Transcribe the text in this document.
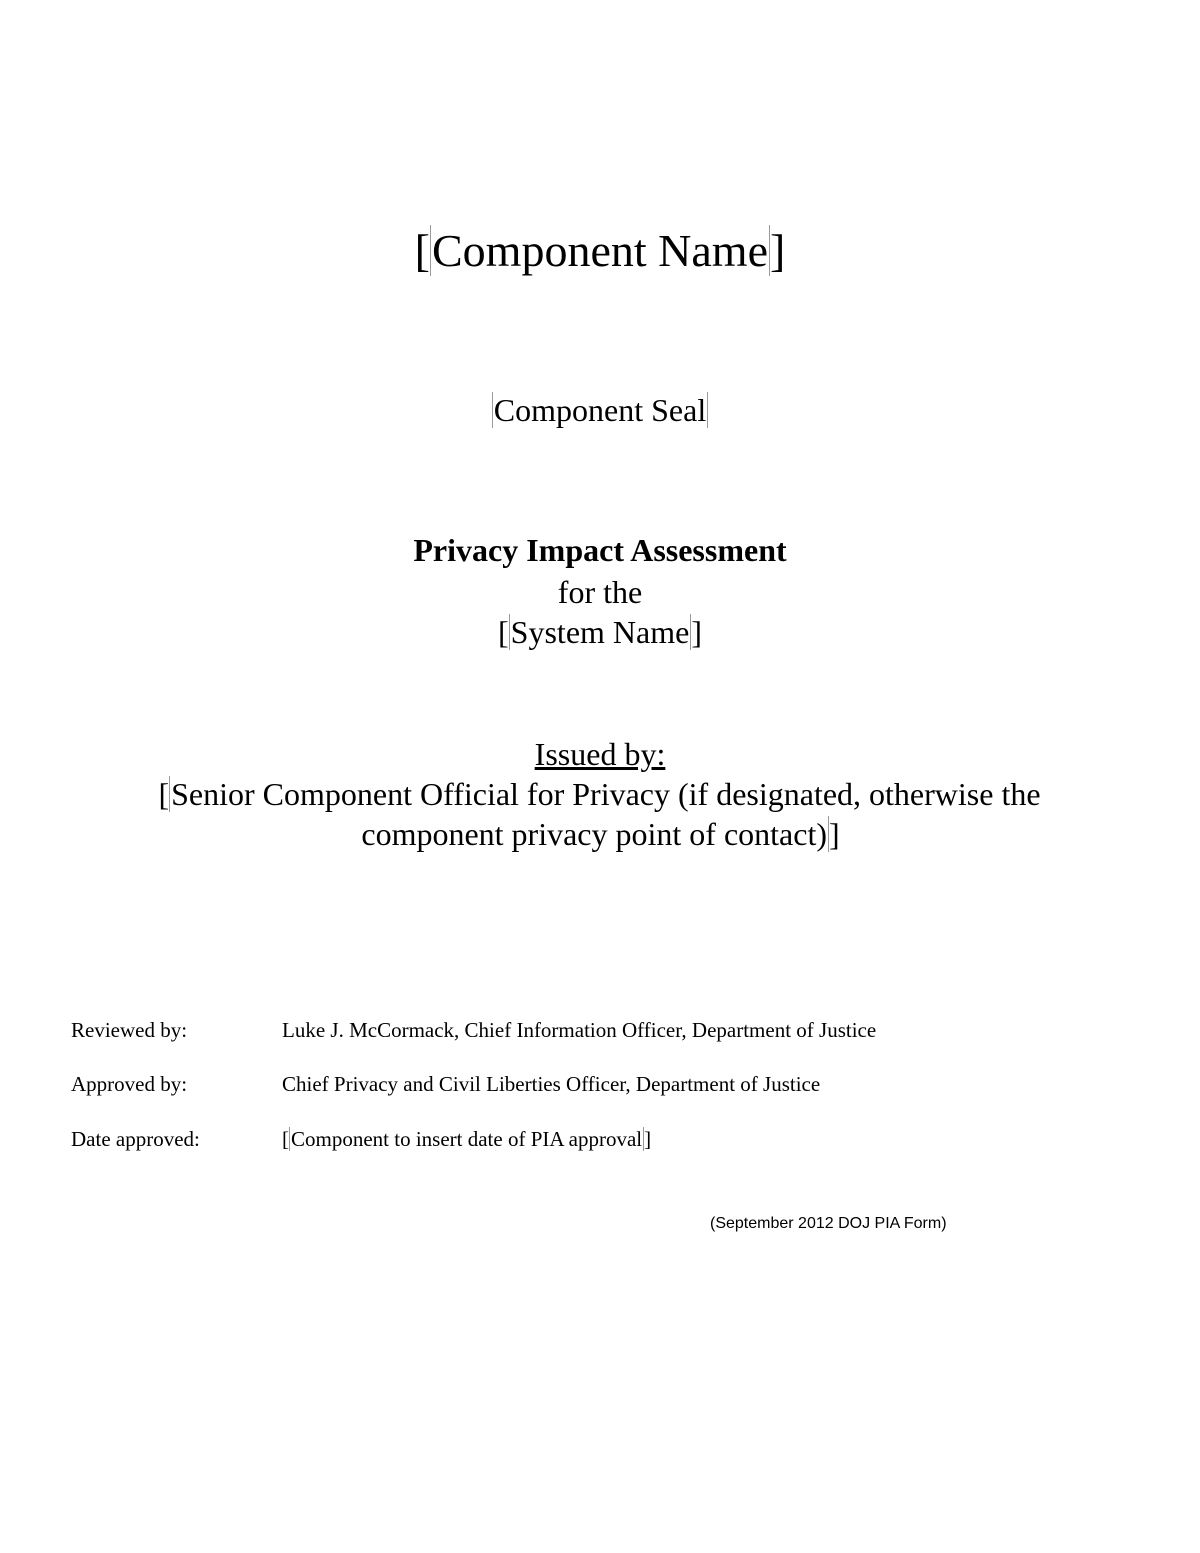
[Component Name]
Component Seal
Privacy Impact Assessment
for the
[System Name]
Issued by:
[Senior Component Official for Privacy (if designated, otherwise the
component privacy point of contact)]
Reviewed by:	Luke J. McCormack, Chief Information Officer, Department of Justice
Approved by:	Chief Privacy and Civil Liberties Officer, Department of Justice
Date approved:	[Component to insert date of PIA approval]
(September 2012 DOJ PIA Form)
